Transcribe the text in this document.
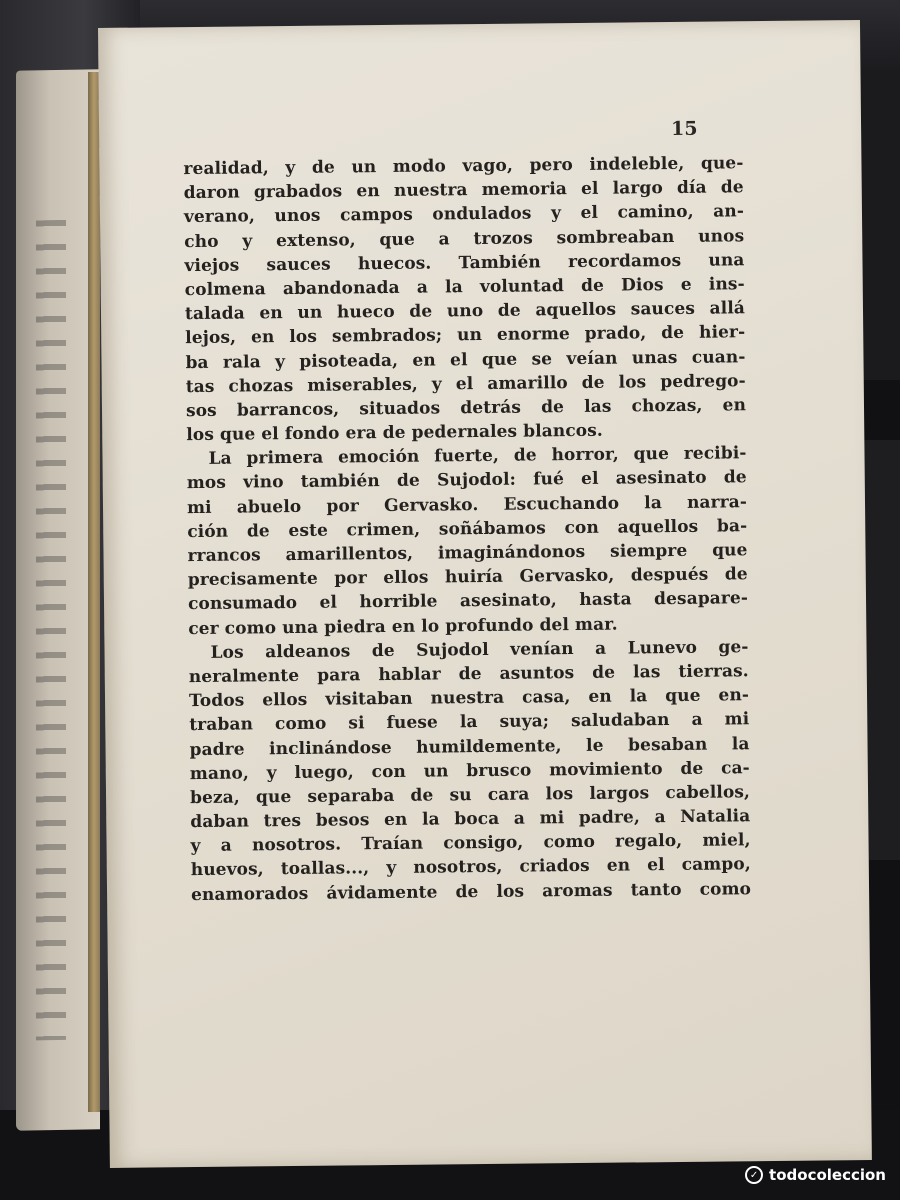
15
realidad, y de un modo vago, pero indeleble, que-
daron grabados en nuestra memoria el largo día de
verano, unos campos ondulados y el camino, an-
cho y extenso, que a trozos sombreaban unos
viejos sauces huecos. También recordamos una
colmena abandonada a la voluntad de Dios e ins-
talada en un hueco de uno de aquellos sauces allá
lejos, en los sembrados; un enorme prado, de hier-
ba rala y pisoteada, en el que se veían unas cuan-
tas chozas miserables, y el amarillo de los pedrego-
sos barrancos, situados detrás de las chozas, en
los que el fondo era de pedernales blancos.
La primera emoción fuerte, de horror, que recibi-
mos vino también de Sujodol: fué el asesinato de
mi abuelo por Gervasko. Escuchando la narra-
ción de este crimen, soñábamos con aquellos ba-
rrancos amarillentos, imaginándonos siempre que
precisamente por ellos huiría Gervasko, después de
consumado el horrible asesinato, hasta desapare-
cer como una piedra en lo profundo del mar.
Los aldeanos de Sujodol venían a Lunevo ge-
neralmente para hablar de asuntos de las tierras.
Todos ellos visitaban nuestra casa, en la que en-
traban como si fuese la suya; saludaban a mi
padre inclinándose humildemente, le besaban la
mano, y luego, con un brusco movimiento de ca-
beza, que separaba de su cara los largos cabellos,
daban tres besos en la boca a mi padre, a Natalia
y a nosotros. Traían consigo, como regalo, miel,
huevos, toallas..., y nosotros, criados en el campo,
enamorados ávidamente de los aromas tanto como
✓ todocoleccion
